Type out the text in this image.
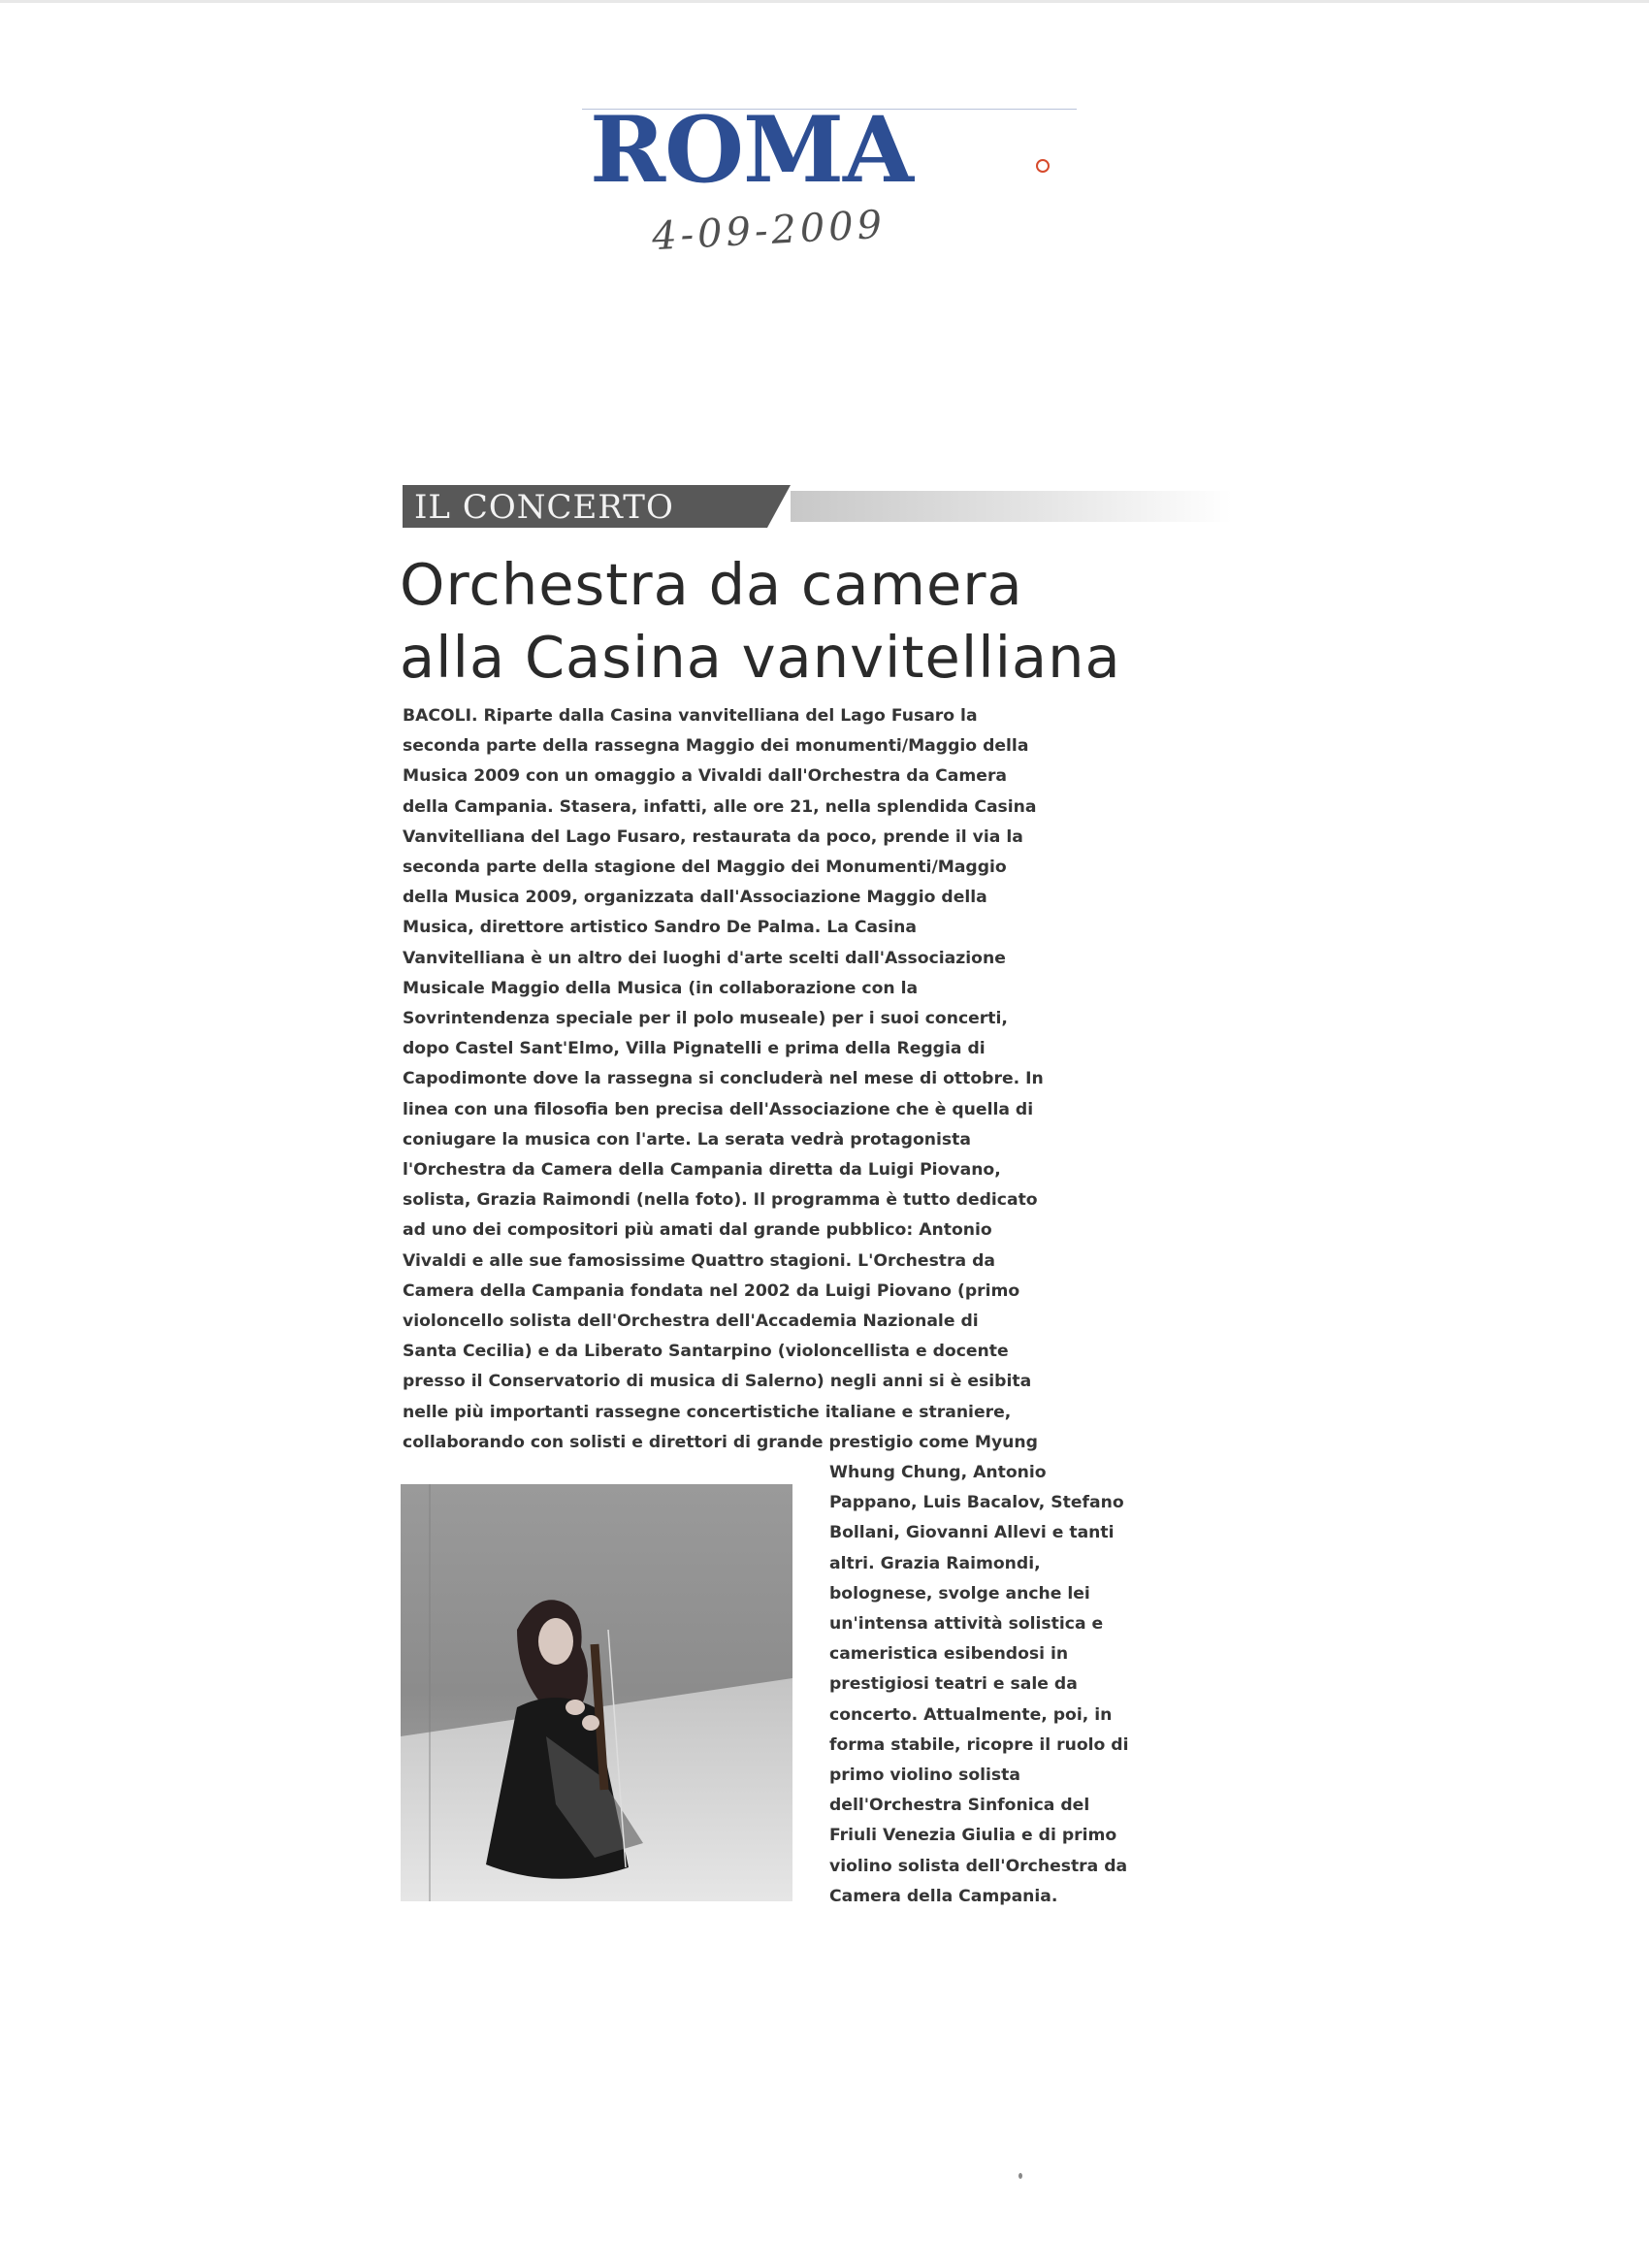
ROMA

4-09-2009

IL CONCERTO

Orchestra da camera
alla Casina vanvitelliana
BACOLI. Riparte dalla Casina vanvitelliana del Lago Fusaro la
seconda parte della rassegna Maggio dei monumenti/Maggio della
Musica 2009 con un omaggio a Vivaldi dall'Orchestra da Camera
della Campania. Stasera, infatti, alle ore 21, nella splendida Casina
Vanvitelliana del Lago Fusaro, restaurata da poco, prende il via la
seconda parte della stagione del Maggio dei Monumenti/Maggio
della Musica 2009, organizzata dall'Associazione Maggio della
Musica, direttore artistico Sandro De Palma. La Casina
Vanvitelliana è un altro dei luoghi d'arte scelti dall'Associazione
Musicale Maggio della Musica (in collaborazione con la
Sovrintendenza speciale per il polo museale) per i suoi concerti,
dopo Castel Sant'Elmo, Villa Pignatelli e prima della Reggia di
Capodimonte dove la rassegna si concluderà nel mese di ottobre. In
linea con una filosofia ben precisa dell'Associazione che è quella di
coniugare la musica con l'arte. La serata vedrà protagonista
l'Orchestra da Camera della Campania diretta da Luigi Piovano,
solista, Grazia Raimondi (nella foto). Il programma è tutto dedicato
ad uno dei compositori più amati dal grande pubblico: Antonio
Vivaldi e alle sue famosissime Quattro stagioni. L'Orchestra da
Camera della Campania fondata nel 2002 da Luigi Piovano (primo
violoncello solista dell'Orchestra dell'Accademia Nazionale di
Santa Cecilia) e da Liberato Santarpino (violoncellista e docente
presso il Conservatorio di musica di Salerno) negli anni si è esibita
nelle più importanti rassegne concertistiche italiane e straniere,
collaborando con solisti e direttori di grande prestigio come Myung
Whung Chung, Antonio
Pappano, Luis Bacalov, Stefano
Bollani, Giovanni Allevi e tanti
altri. Grazia Raimondi,
bolognese, svolge anche lei
un'intensa attività solistica e
cameristica esibendosi in
prestigiosi teatri e sale da
concerto. Attualmente, poi, in
forma stabile, ricopre il ruolo di
primo violino solista
dell'Orchestra Sinfonica del
Friuli Venezia Giulia e di primo
violino solista dell'Orchestra da
Camera della Campania.
